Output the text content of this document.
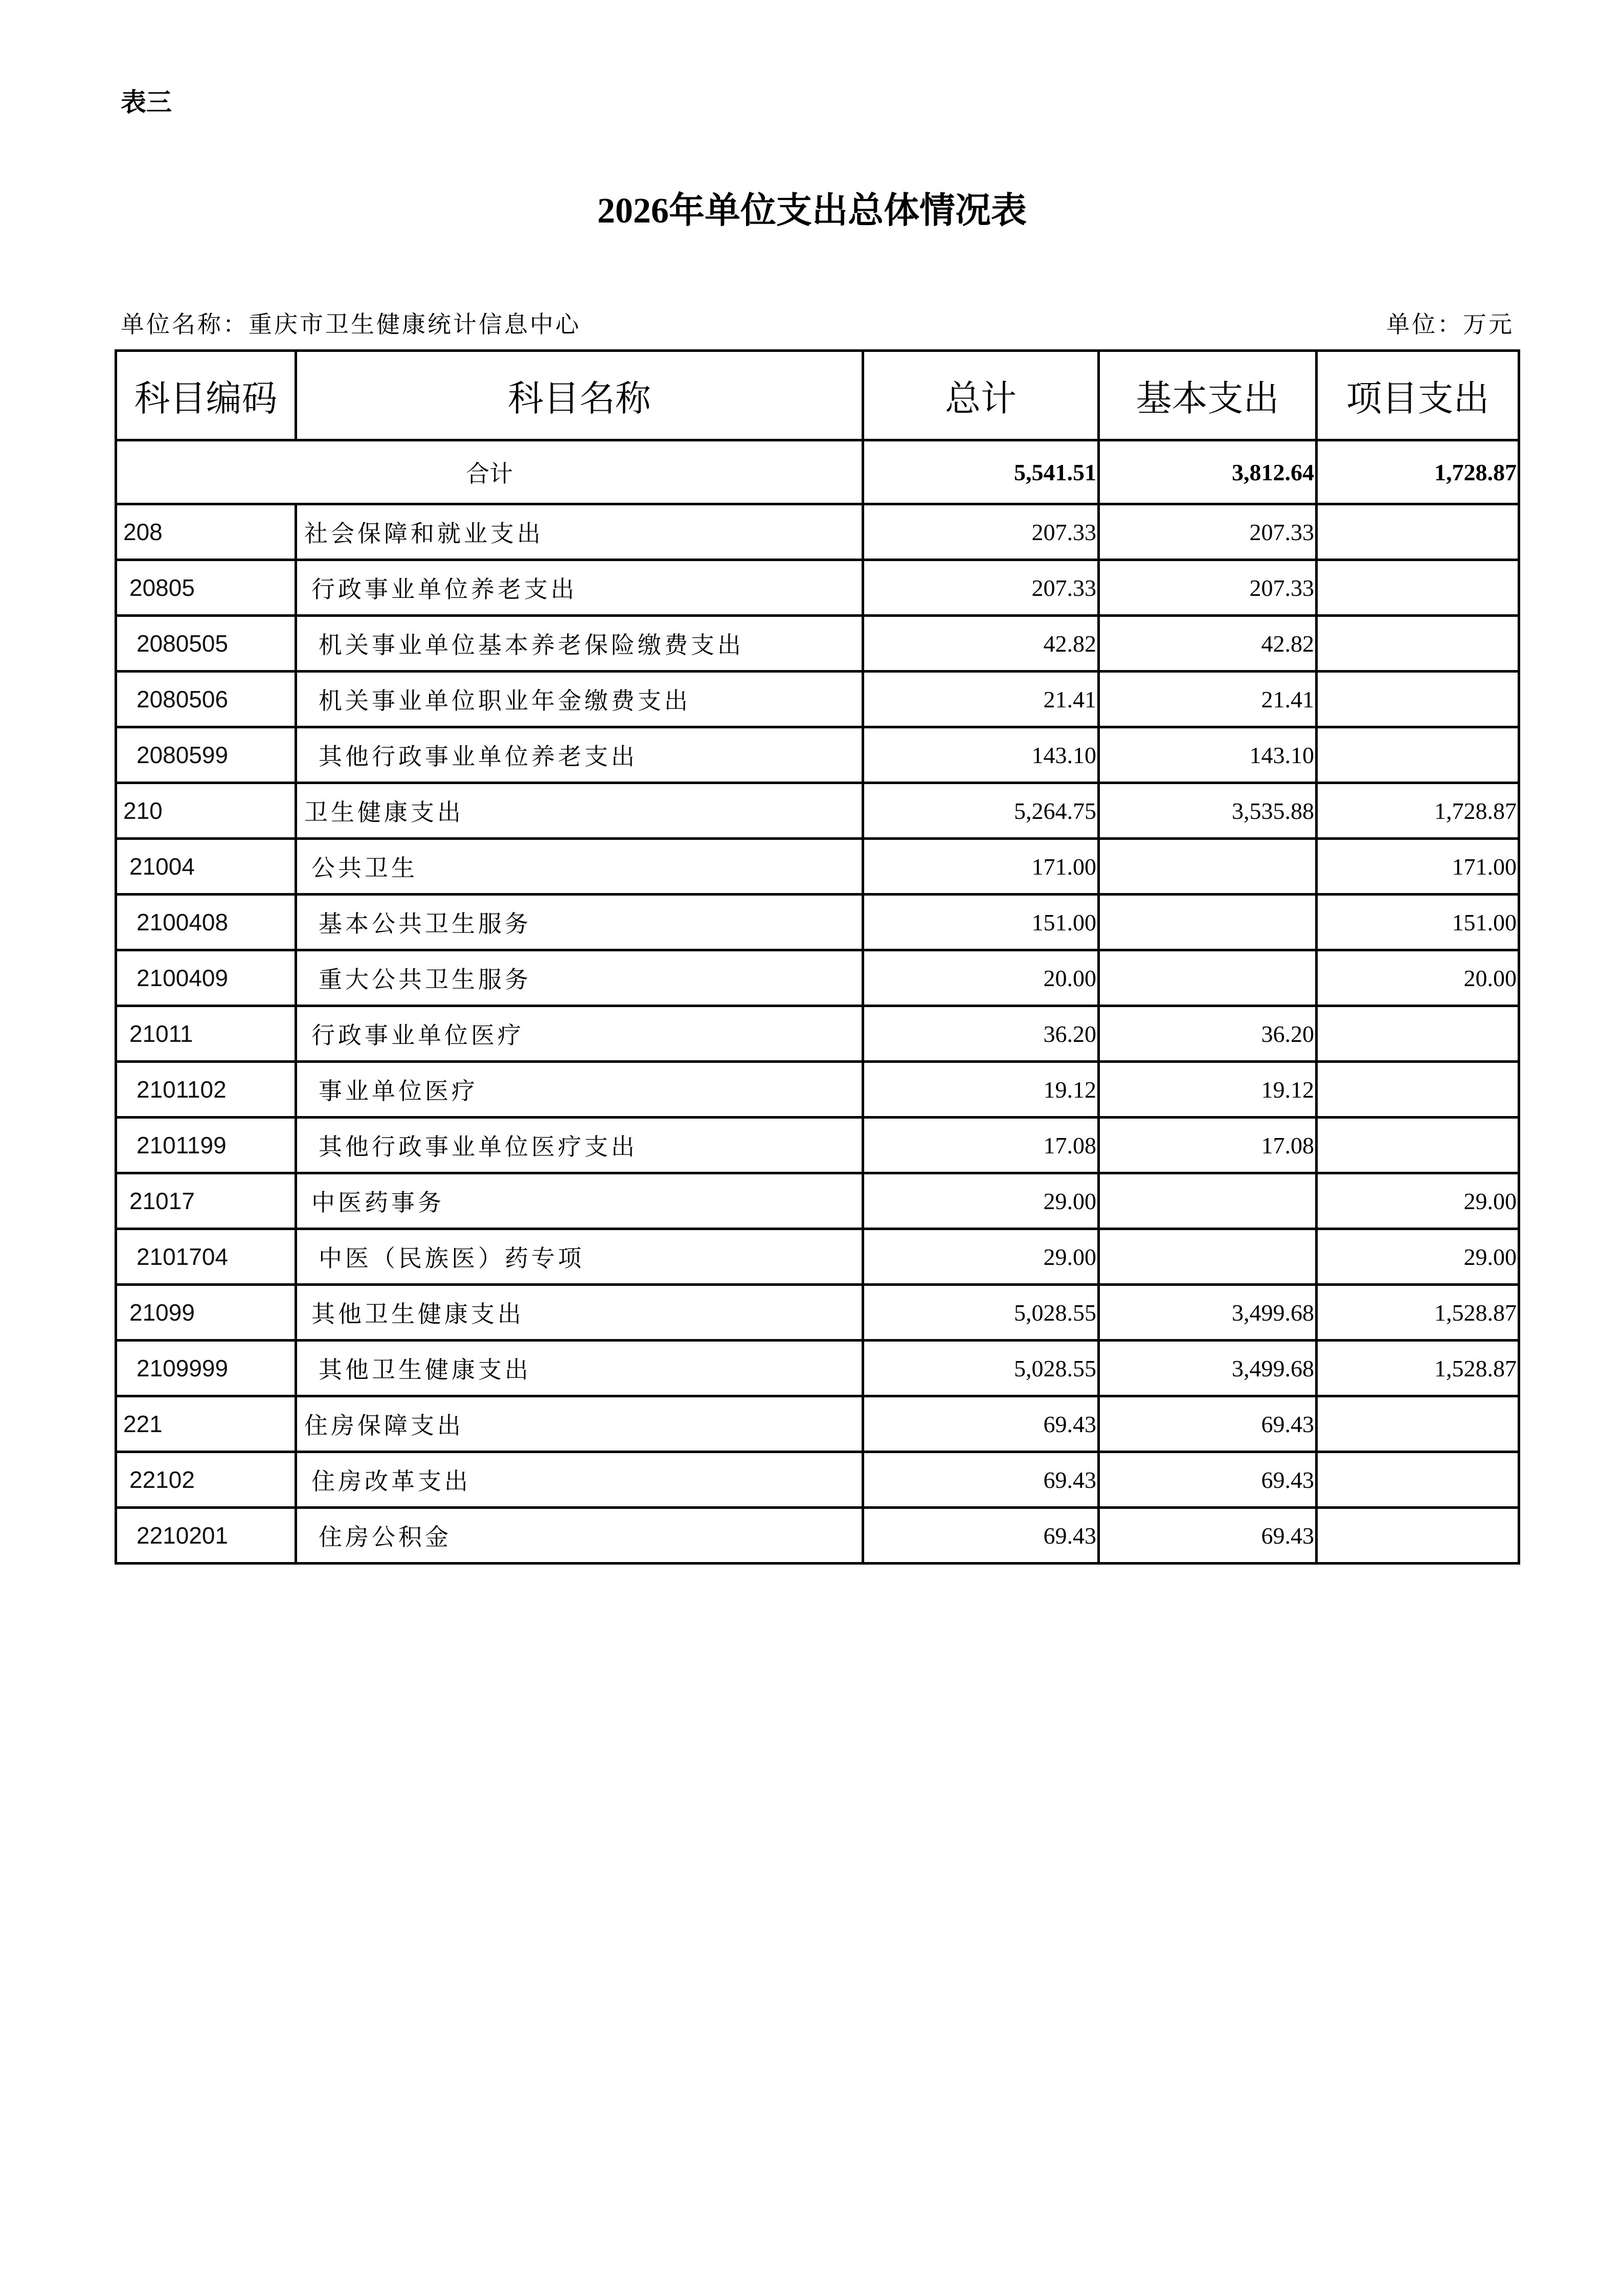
表三
2026年单位支出总体情况表
单位名称：重庆市卫生健康统计信息中心	单位：万元
科目编码	科目名称	总计	基本支出	项目支出
合计		5,541.51	3,812.64	1,728.87
208	社会保障和就业支出	207.33	207.33	
20805	行政事业单位养老支出	207.33	207.33	
2080505	机关事业单位基本养老保险缴费支出	42.82	42.82	
2080506	机关事业单位职业年金缴费支出	21.41	21.41	
2080599	其他行政事业单位养老支出	143.10	143.10	
210	卫生健康支出	5,264.75	3,535.88	1,728.87
21004	公共卫生	171.00		171.00
2100408	基本公共卫生服务	151.00		151.00
2100409	重大公共卫生服务	20.00		20.00
21011	行政事业单位医疗	36.20	36.20	
2101102	事业单位医疗	19.12	19.12	
2101199	其他行政事业单位医疗支出	17.08	17.08	
21017	中医药事务	29.00		29.00
2101704	中医（民族医）药专项	29.00		29.00
21099	其他卫生健康支出	5,028.55	3,499.68	1,528.87
2109999	其他卫生健康支出	5,028.55	3,499.68	1,528.87
221	住房保障支出	69.43	69.43	
22102	住房改革支出	69.43	69.43	
2210201	住房公积金	69.43	69.43	
